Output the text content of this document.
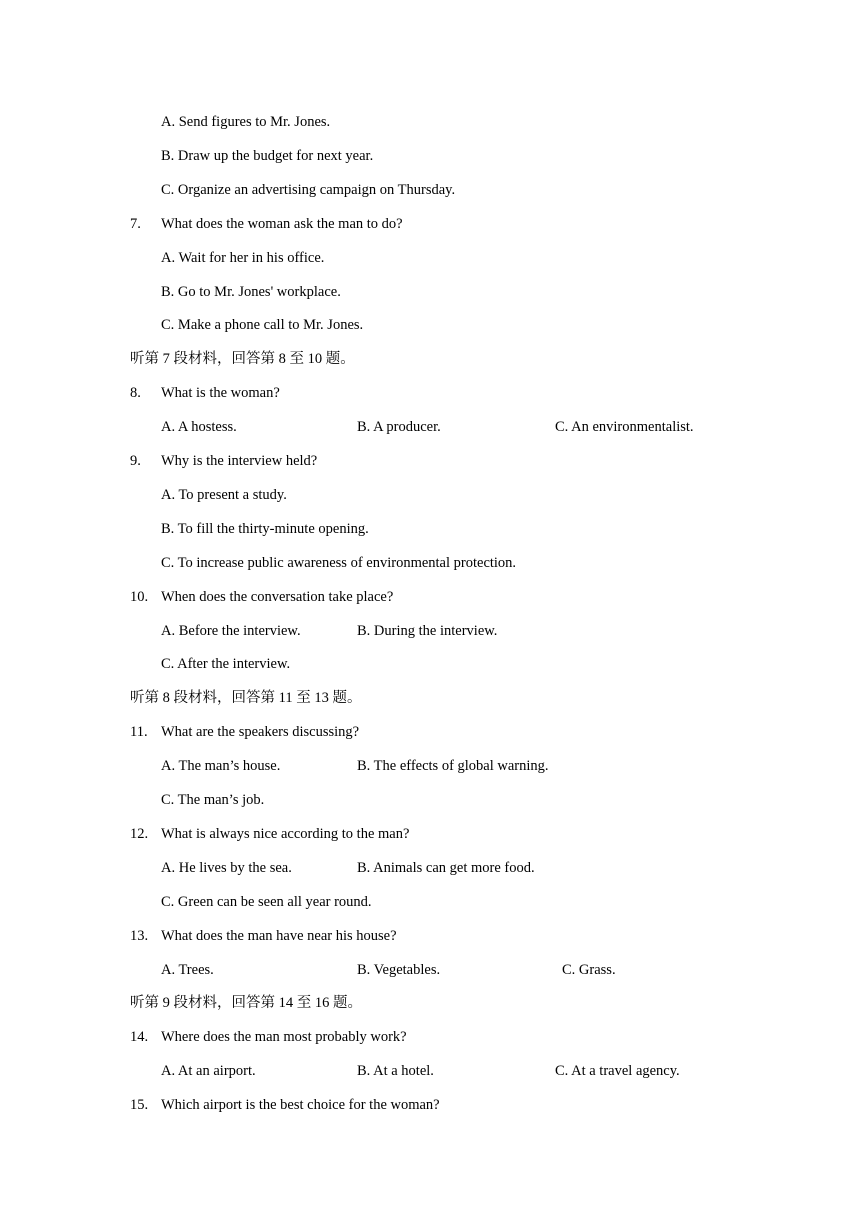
A. Send figures to Mr. Jones.
B. Draw up the budget for next year.
C. Organize an advertising campaign on Thursday.
7. What does the woman ask the man to do?
A. Wait for her in his office.
B. Go to Mr. Jones' workplace.
C. Make a phone call to Mr. Jones.
听第 7 段材料，回答第 8 至 10 题。
8. What is the woman?
A. A hostess.	B. A producer.	C. An environmentalist.
9. Why is the interview held?
A. To present a study.
B. To fill the thirty-minute opening.
C. To increase public awareness of environmental protection.
10. When does the conversation take place?
A. Before the interview.	B. During the interview.
C. After the interview.
听第 8 段材料，回答第 11 至 13 题。
11. What are the speakers discussing?
A. The man’s house.	B. The effects of global warning.
C. The man’s job.
12. What is always nice according to the man?
A. He lives by the sea.	B. Animals can get more food.
C. Green can be seen all year round.
13. What does the man have near his house?
A. Trees.	B. Vegetables.	C. Grass.
听第 9 段材料，回答第 14 至 16 题。
14. Where does the man most probably work?
A. At an airport.	B. At a hotel.	C. At a travel agency.
15. Which airport is the best choice for the woman?
